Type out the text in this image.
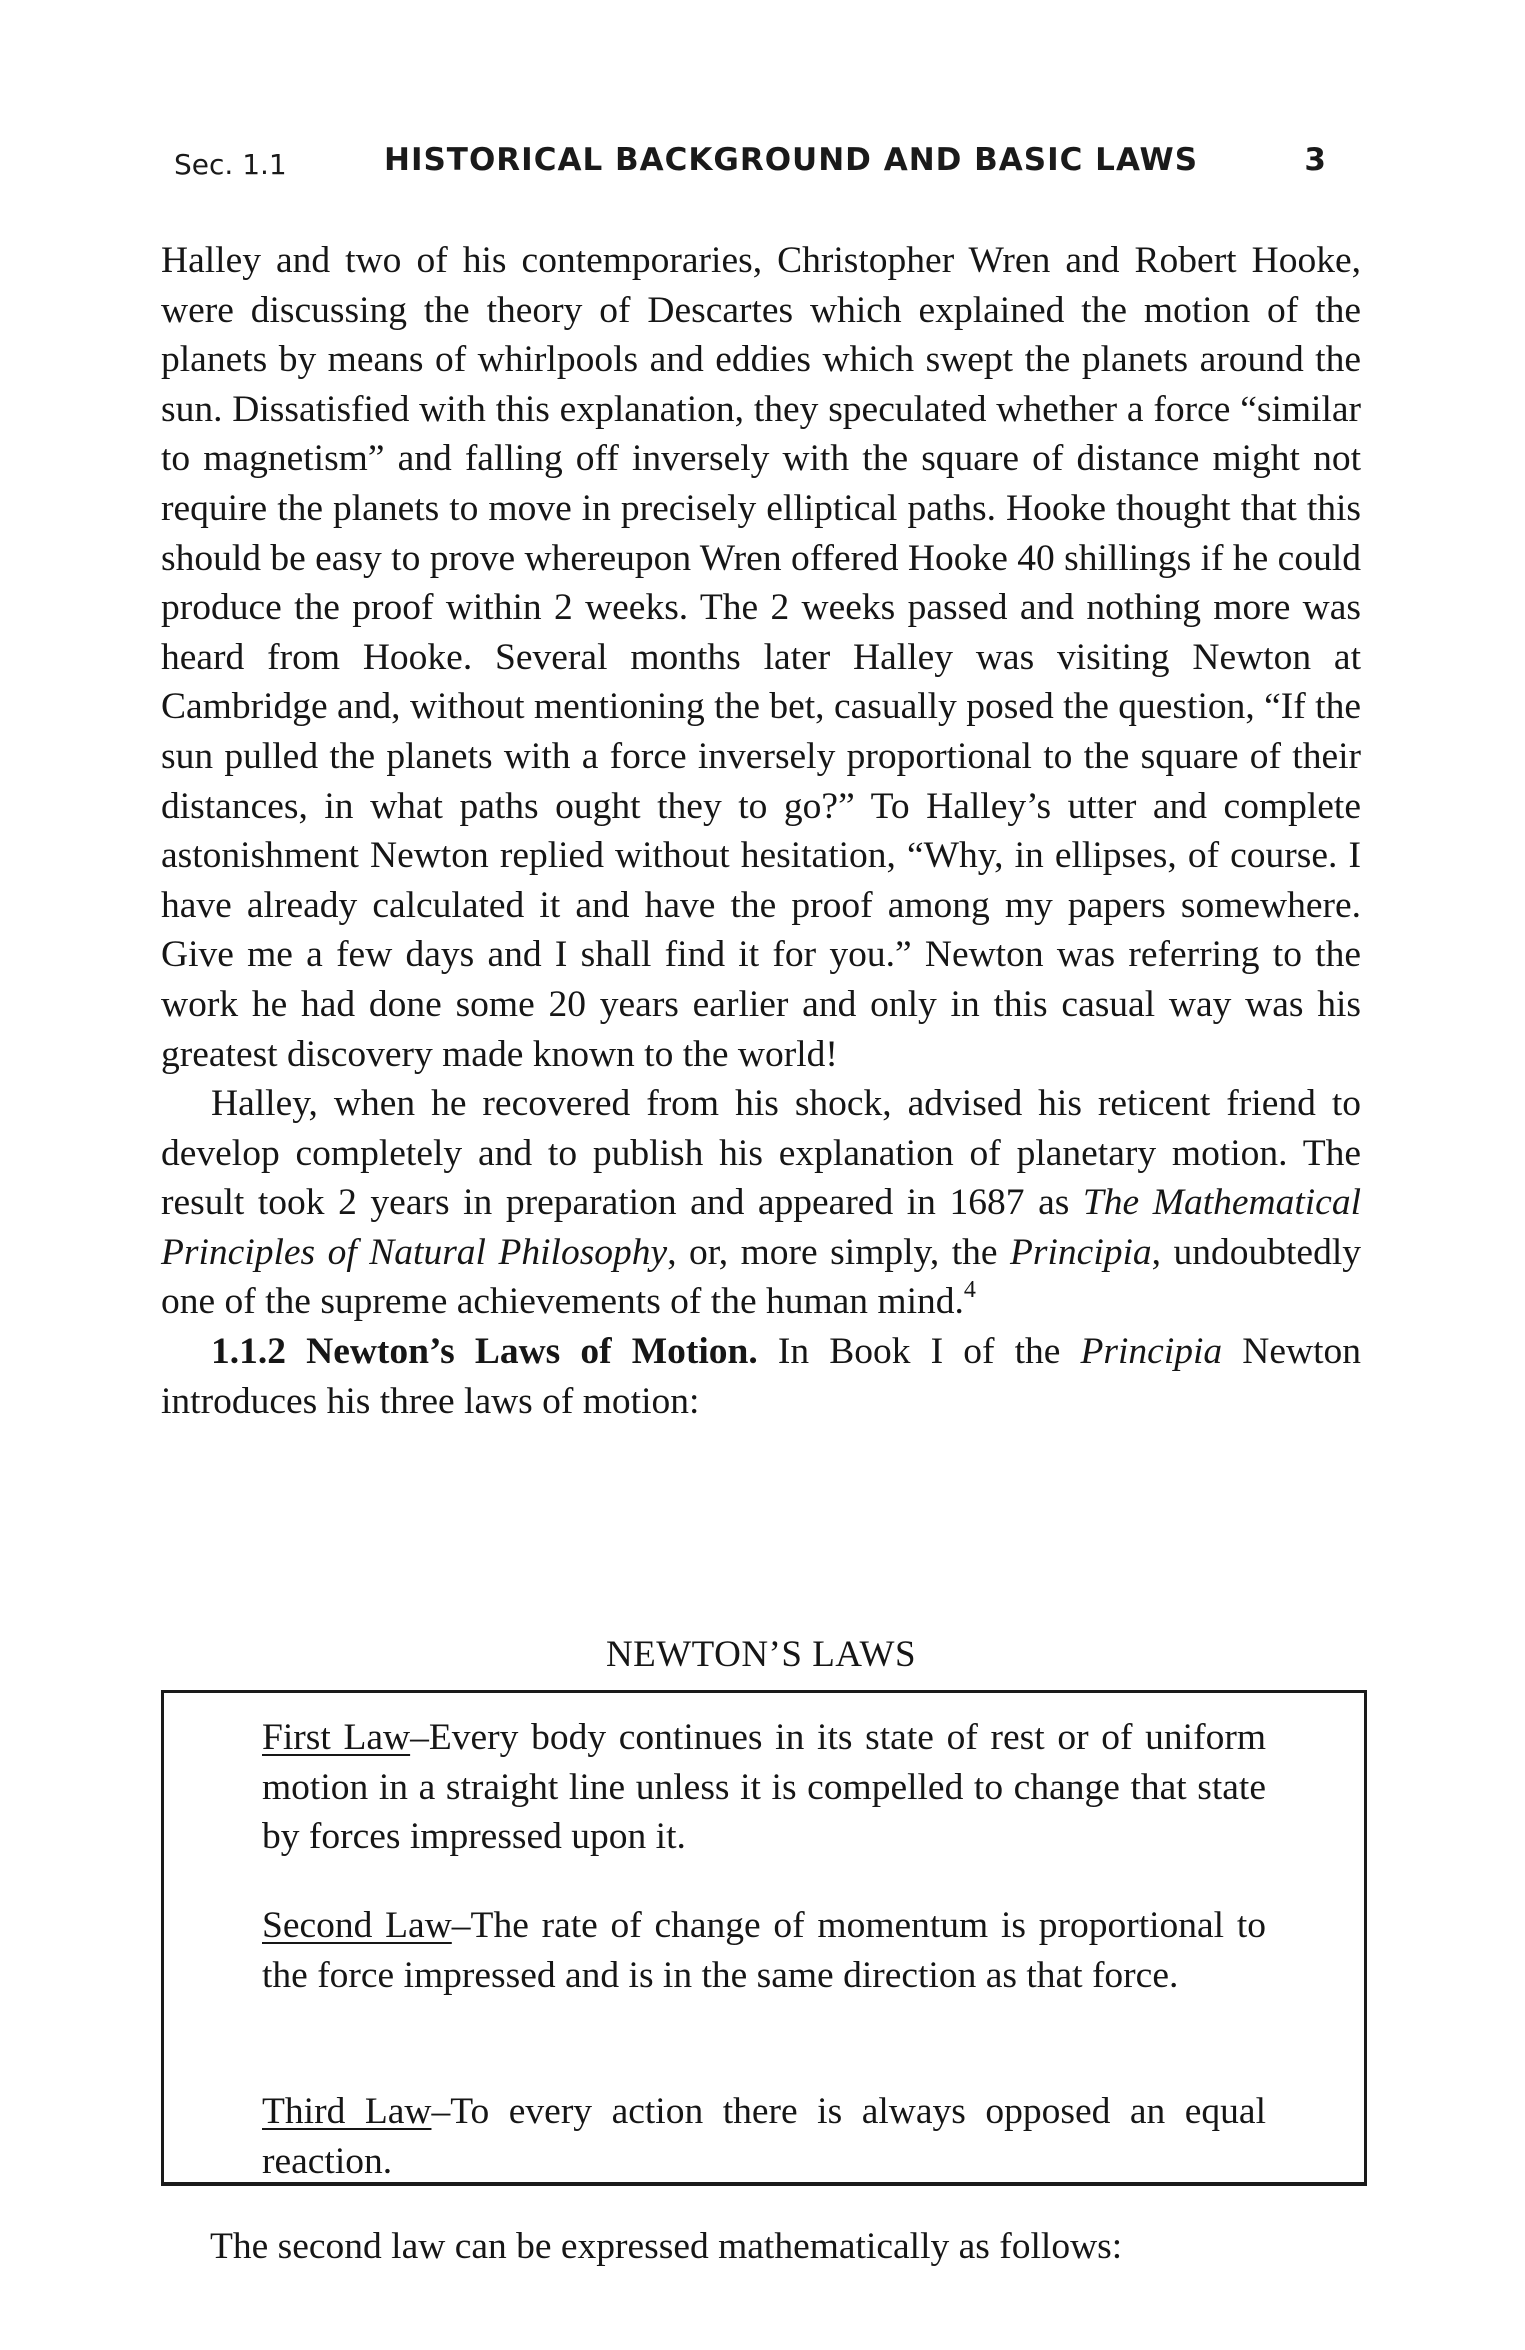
Sec. 1.1	HISTORICAL BACKGROUND AND BASIC LAWS	3

Halley and two of his contemporaries, Christopher Wren and Robert Hooke, were discussing the theory of Descartes which explained the motion of the planets by means of whirlpools and eddies which swept the planets around the sun. Dissatisfied with this explanation, they speculated whether a force “similar to magnetism” and falling off inversely with the square of distance might not require the planets to move in precisely elliptical paths. Hooke thought that this should be easy to prove whereupon Wren offered Hooke 40 shillings if he could produce the proof within 2 weeks. The 2 weeks passed and nothing more was heard from Hooke. Several months later Halley was visiting Newton at Cambridge and, without mentioning the bet, casually posed the question, “If the sun pulled the planets with a force inversely proportional to the square of their distances, in what paths ought they to go?” To Halley’s utter and complete astonishment Newton replied without hesitation, “Why, in ellipses, of course. I have already calculated it and have the proof among my papers somewhere. Give me a few days and I shall find it for you.” Newton was referring to the work he had done some 20 years earlier and only in this casual way was his greatest discovery made known to the world!

Halley, when he recovered from his shock, advised his reticent friend to develop completely and to publish his explanation of planetary motion. The result took 2 years in preparation and appeared in 1687 as The Mathematical Principles of Natural Philosophy, or, more simply, the Principia, undoubtedly one of the supreme achievements of the human mind.$^4$

1.1.2 Newton’s Laws of Motion. In Book I of the Principia Newton introduces his three laws of motion:

NEWTON’S LAWS
First Law–Every body continues in its state of rest or of uniform motion in a straight line unless it is compelled to change that state by forces impressed upon it.
Second Law–The rate of change of momentum is proportional to the force impressed and is in the same direction as that force.
Third Law–To every action there is always opposed an equal reaction.
The second law can be expressed mathematically as follows:
